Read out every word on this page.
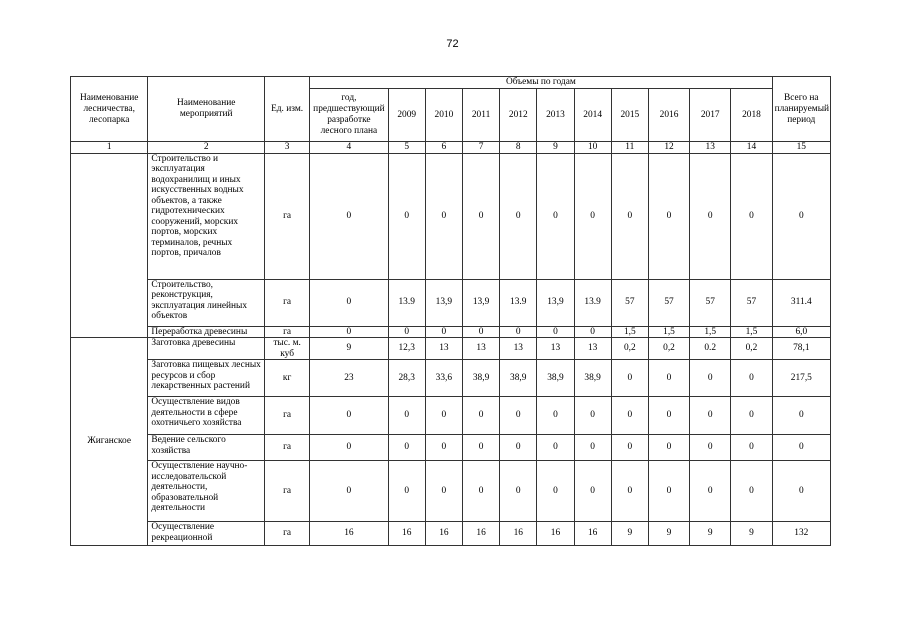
72
Наименование лесничества, лесопарка	Наименование мероприятий	Ед. изм.	Объемы по годам											Всего на планируемый период
			год, предшествующий разработке лесного плана	2009	2010	2011	2012	2013	2014	2015	2016	2017	2018	
1	2	3	4	5	6	7	8	9	10	11	12	13	14	15
	Строительство и эксплуатация водохранилищ и иных искусственных водных объектов, а также гидротехнических сооружений, морских портов, морских терминалов, речных портов, причалов	га	0	0	0	0	0	0	0	0	0	0	0	0
	Строительство, реконструкция, эксплуатация линейных объектов	га	0	13.9	13,9	13,9	13.9	13,9	13.9	57	57	57	57	311.4
	Переработка древесины	га	0	0	0	0	0	0	0	1,5	1,5	1,5	1,5	6,0
Жиганское	Заготовка древесины	тыс. м. куб	9	12,3	13	13	13	13	13	0,2	0,2	0.2	0,2	78,1
	Заготовка пищевых лесных ресурсов и сбор лекарственных растений	кг	23	28,3	33,6	38,9	38,9	38,9	38,9	0	0	0	0	217,5
	Осуществление видов деятельности в сфере охотничьего хозяйства	га	0	0	0	0	0	0	0	0	0	0	0	0
	Ведение сельского хозяйства	га	0	0	0	0	0	0	0	0	0	0	0	0
	Осуществление научно-исследовательской деятельности, образовательной деятельности	га	0	0	0	0	0	0	0	0	0	0	0	0
	Осуществление рекреационной	га	16	16	16	16	16	16	16	9	9	9	9	132
